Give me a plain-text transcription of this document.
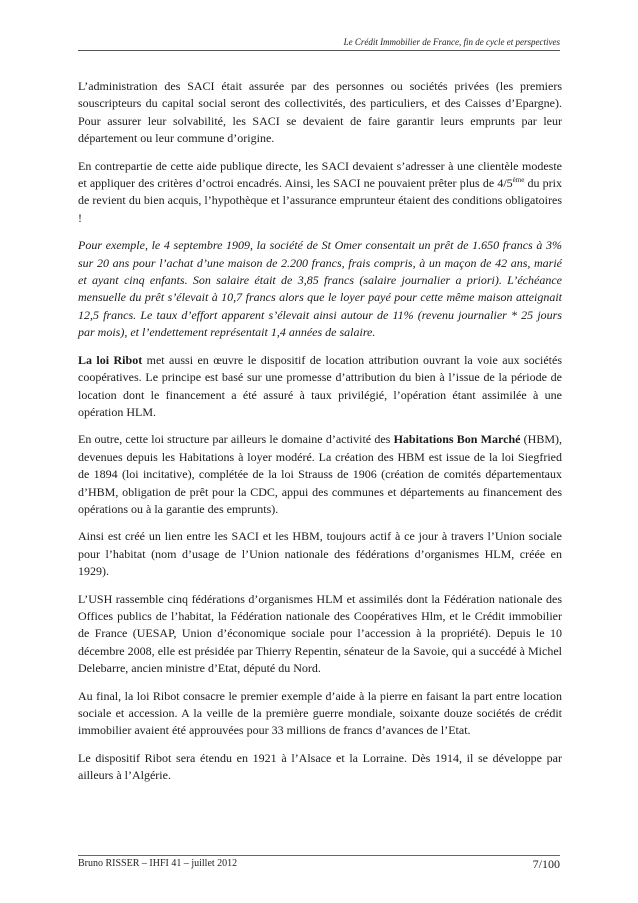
Le Crédit Immobilier de France, fin de cycle et perspectives

L’administration des SACI était assurée par des personnes ou sociétés privées (les premiers souscripteurs du capital social seront des collectivités, des particuliers, et des Caisses d’Epargne). Pour assurer leur solvabilité, les SACI se devaient de faire garantir leurs emprunts par leur département ou leur commune d’origine.

En contrepartie de cette aide publique directe, les SACI devaient s’adresser à une clientèle modeste et appliquer des critères d’octroi encadrés. Ainsi, les SACI ne pouvaient prêter plus de 4/5ème du prix de revient du bien acquis, l’hypothèque et l’assurance emprunteur étaient des conditions obligatoires !

Pour exemple, le 4 septembre 1909, la société de St Omer consentait un prêt de 1.650 francs à 3% sur 20 ans pour l’achat d’une maison de 2.200 francs, frais compris, à un maçon de 42 ans, marié et ayant cinq enfants. Son salaire était de 3,85 francs (salaire journalier a priori). L’échéance mensuelle du prêt s’élevait à 10,7 francs alors que le loyer payé pour cette même maison atteignait 12,5 francs. Le taux d’effort apparent s’élevait ainsi autour de 11% (revenu journalier * 25 jours par mois), et l’endettement représentait 1,4 années de salaire.

La loi Ribot met aussi en œuvre le dispositif de location attribution ouvrant la voie aux sociétés coopératives. Le principe est basé sur une promesse d’attribution du bien à l’issue de la période de location dont le financement a été assuré à taux privilégié, l’opération étant assimilée à une opération HLM.

En outre, cette loi structure par ailleurs le domaine d’activité des Habitations Bon Marché (HBM), devenues depuis les Habitations à loyer modéré. La création des HBM est issue de la loi Siegfried de 1894 (loi incitative), complétée de la loi Strauss de 1906 (création de comités départementaux d’HBM, obligation de prêt pour la CDC, appui des communes et départements au financement des opérations ou à la garantie des emprunts).

Ainsi est créé un lien entre les SACI et les HBM, toujours actif à ce jour à travers l’Union sociale pour l’habitat (nom d’usage de l’Union nationale des fédérations d’organismes HLM, créée en 1929).

L’USH rassemble cinq fédérations d’organismes HLM et assimilés dont la Fédération nationale des Offices publics de l’habitat, la Fédération nationale des Coopératives Hlm, et le Crédit immobilier de France (UESAP, Union d’économique sociale pour l’accession à la propriété). Depuis le 10 décembre 2008, elle est présidée par Thierry Repentin, sénateur de la Savoie, qui a succédé à Michel Delebarre, ancien ministre d’Etat, député du Nord.

Au final, la loi Ribot consacre le premier exemple d’aide à la pierre en faisant la part entre location sociale et accession. A la veille de la première guerre mondiale, soixante douze sociétés de crédit immobilier avaient été approuvées pour 33 millions de francs d’avances de l’Etat.

Le dispositif Ribot sera étendu en 1921 à l’Alsace et la Lorraine. Dès 1914, il se développe par ailleurs à l’Algérie.

Bruno RISSER – IHFI 41 – juillet 2012	7/100
